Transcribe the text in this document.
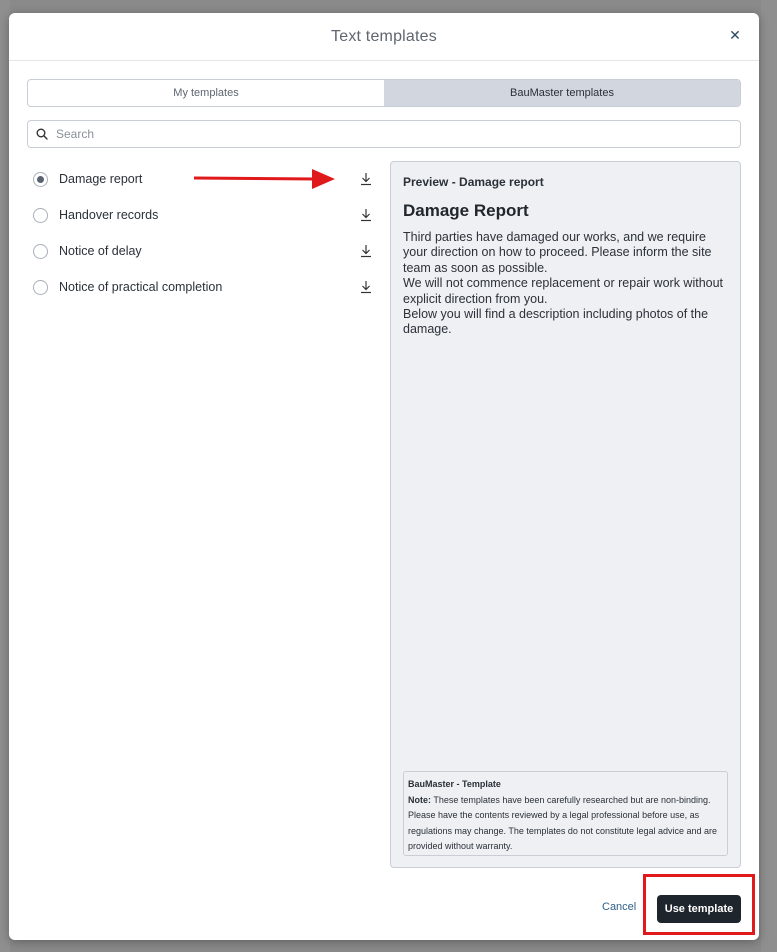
Text templates	✕
My templates	BauMaster templates
Search
Damage report
Handover records
Notice of delay
Notice of practical completion
Preview - Damage report
Damage Report

Third parties have damaged our works, and we require your direction on how to proceed. Please inform the site team as soon as possible.

We will not commence replacement or repair work without explicit direction from you.

Below you will find a description including photos of the damage.

BauMaster - Template
Note: These templates have been carefully researched but are non-binding. Please have the contents reviewed by a legal professional before use, as regulations may change. The templates do not constitute legal advice and are provided without warranty.
Cancel	Use template
